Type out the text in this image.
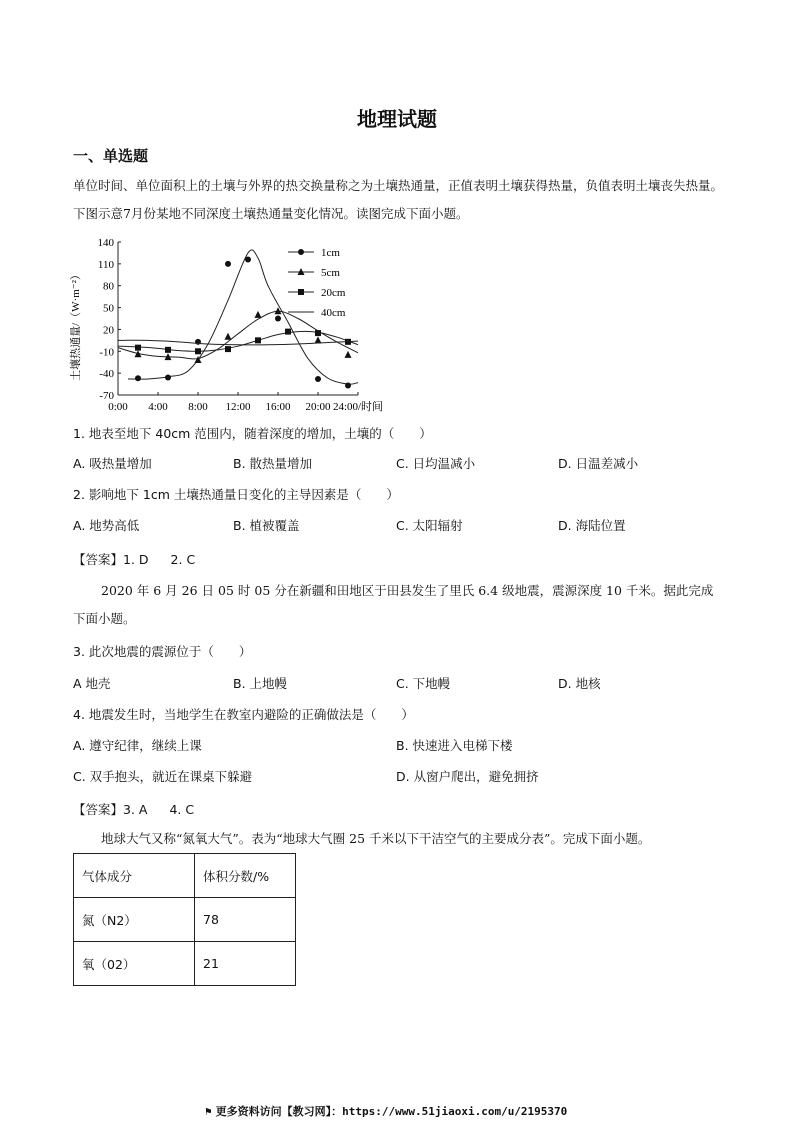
地理试题
一、单选题
单位时间、单位面积上的土壤与外界的热交换量称之为土壤热通量，正值表明土壤获得热量，负值表明土壤丧失热量。下图示意7月份某地不同深度土壤热通量变化情况。读图完成下面小题。
140
110
80
50
20
-10
-40
-70
0:00 4:00 8:00 12:00 16:00 20:00 24:00/时间
1cm
5cm
20cm
40cm
土壤热通量/（W·m⁻²）
1. 地表至地下 40cm 范围内，随着深度的增加，土壤的（　　）
A. 吸热量增加	B. 散热量增加	C. 日均温减小	D. 日温差减小
2. 影响地下 1cm 土壤热通量日变化的主导因素是（　　）
A. 地势高低	B. 植被覆盖	C. 太阳辐射	D. 海陆位置
【答案】1. D 2. C
2020 年 6 月 26 日 05 时 05 分在新疆和田地区于田县发生了里氏 6.4 级地震，震源深度 10 千米。据此完成下面小题。
3. 此次地震的震源位于（　　）
A 地壳	B. 上地幔	C. 下地幔	D. 地核
4. 地震发生时，当地学生在教室内避险的正确做法是（　　）
A. 遵守纪律，继续上课	B. 快速进入电梯下楼
C. 双手抱头，就近在课桌下躲避	D. 从窗户爬出，避免拥挤
【答案】3. A 4. C
地球大气又称“氮氧大气”。表为“地球大气圈 25 千米以下干洁空气的主要成分表”。完成下面小题。
气体成分	体积分数/%
氮（N2）	78
氧（02）	21
⚑ 更多资料访问【教习网】：https://www.51jiaoxi.com/u/2195370
